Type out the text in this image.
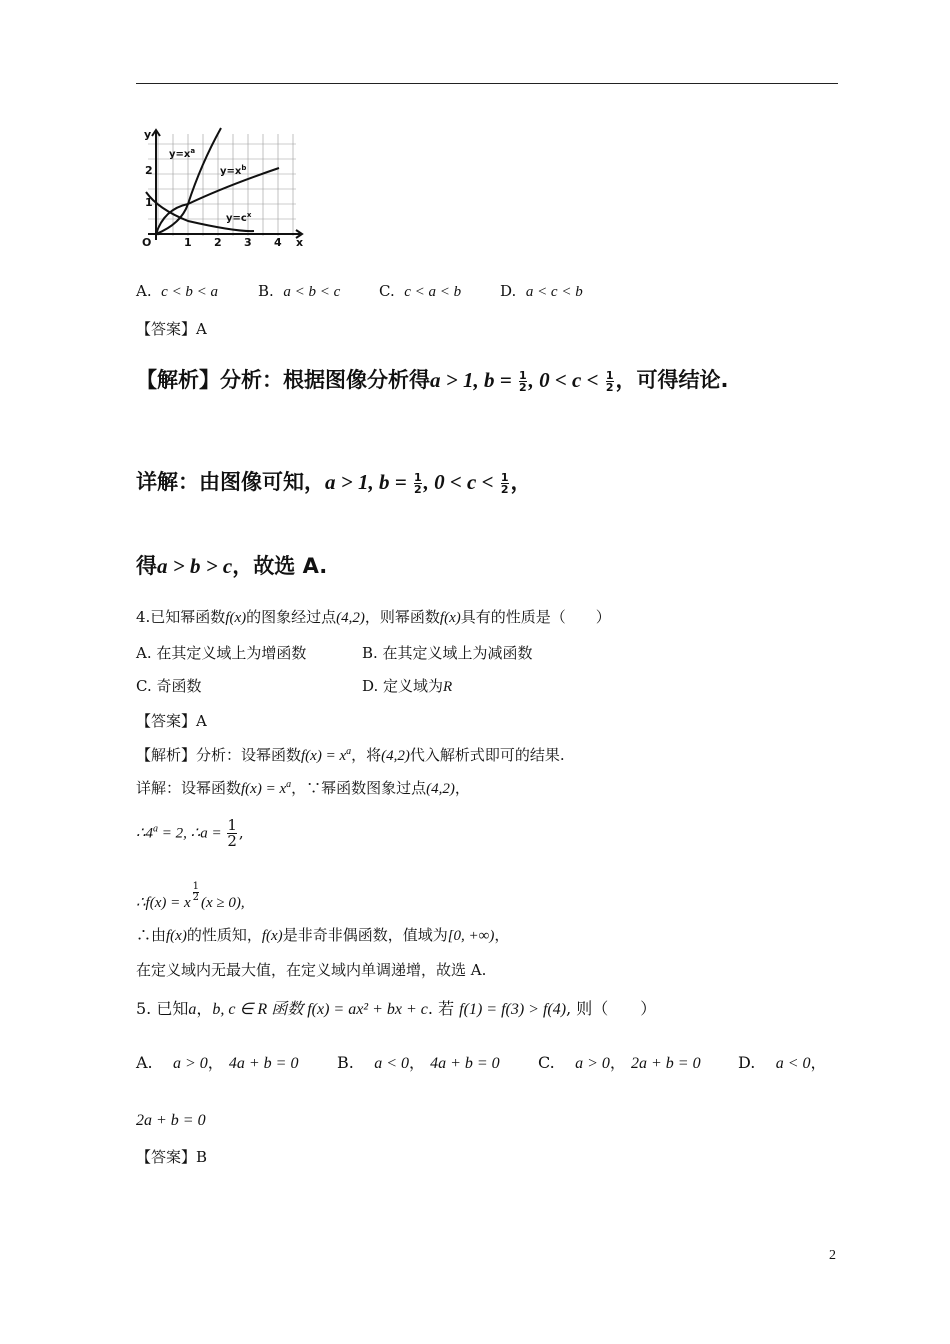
y
x
O
2
1
1 2 3 4
$y=x^a$
$y=x^b$
$y=c^x$
A. c < b < a	B. a < b < c	C. c < a < b	D. a < c < b
【答案】A
【解析】分析：根据图像分析得a > 1, $b = \frac{1}{2}$ , $0 < c < \frac{1}{2}$ ，可得结论.
详解：由图像可知，a > 1, $b = \frac{1}{2}$ , $0 < c < \frac{1}{2}$ ，
得a > b > c，故选 A.
4.已知幂函数f(x)的图象经过点(4,2)，则幂函数f(x)具有的性质是（　　）
A. 在其定义域上为增函数	B. 在其定义域上为减函数
C. 奇函数	D. 定义域为R
【答案】A
【解析】分析：设幂函数$f(x) = x^a$，将(4,2)代入解析式即可的结果.
详解：设幂函数$f(x) = x^a$，∵幂函数图象过点(4,2)，
$\therefore 4^a = 2$, ∴a = $\frac{1}{2}$ ,
∴f(x) = x $\frac{1}{2} (x \ge 0)$,
∴由f(x)的性质知，f(x)是非奇非偶函数，值域为[0, +∞)，
在定义域内无最大值，在定义域内单调递增，故选 A.
5. 已知a，b, c ∈ R 函数 f(x) = ax² + bx + c. 若 f(1) = f(3) > f(4), 则（　　）
A. a > 0， 4a + b = 0 B. a < 0， 4a + b = 0 C. a > 0， 2a + b = 0 D. a < 0，
2a + b = 0
【答案】B
2
